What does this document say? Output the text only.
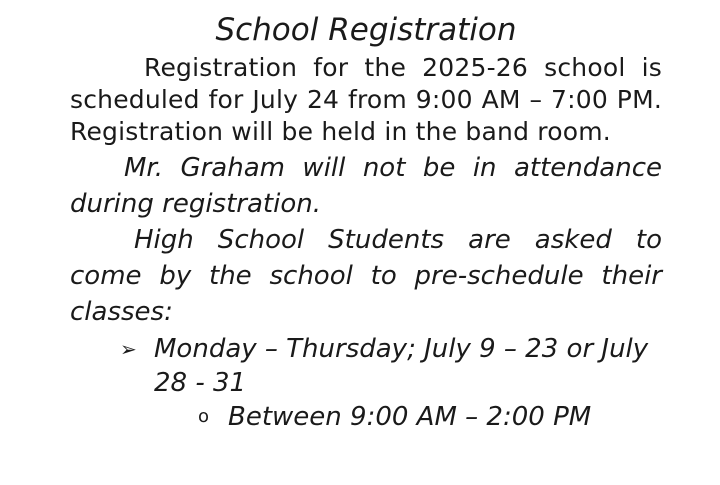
School Registration

Registration for the 2025-26 school is scheduled for July 24 from 9:00 AM – 7:00 PM. Registration will be held in the band room.

Mr. Graham will not be in attendance during registration.

High School Students are asked to come by the school to pre-schedule their classes:

➢ Monday – Thursday; July 9 – 23 or July 28 - 31
o Between 9:00 AM – 2:00 PM
